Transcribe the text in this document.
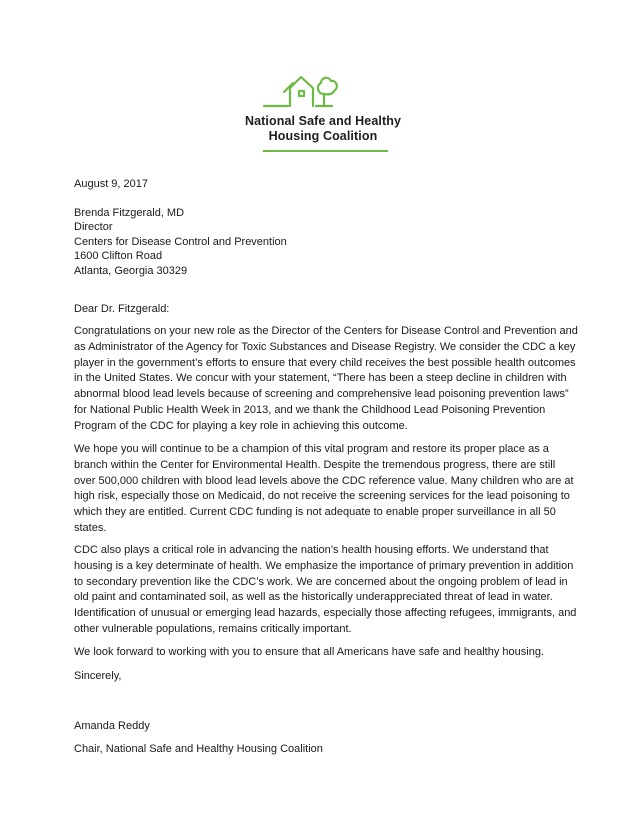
National Safe and Healthy
Housing Coalition
August 9, 2017
Brenda Fitzgerald, MD
Director
Centers for Disease Control and Prevention
1600 Clifton Road
Atlanta, Georgia 30329
Dear Dr. Fitzgerald:

Congratulations on your new role as the Director of the Centers for Disease Control and Prevention and
as Administrator of the Agency for Toxic Substances and Disease Registry. We consider the CDC a key
player in the government’s efforts to ensure that every child receives the best possible health outcomes
in the United States. We concur with your statement, “There has been a steep decline in children with
abnormal blood lead levels because of screening and comprehensive lead poisoning prevention laws”
for National Public Health Week in 2013, and we thank the Childhood Lead Poisoning Prevention
Program of the CDC for playing a key role in achieving this outcome.

We hope you will continue to be a champion of this vital program and restore its proper place as a
branch within the Center for Environmental Health. Despite the tremendous progress, there are still
over 500,000 children with blood lead levels above the CDC reference value. Many children who are at
high risk, especially those on Medicaid, do not receive the screening services for the lead poisoning to
which they are entitled. Current CDC funding is not adequate to enable proper surveillance in all 50
states.

CDC also plays a critical role in advancing the nation’s health housing efforts. We understand that
housing is a key determinate of health. We emphasize the importance of primary prevention in addition
to secondary prevention like the CDC’s work. We are concerned about the ongoing problem of lead in
old paint and contaminated soil, as well as the historically underappreciated threat of lead in water.
Identification of unusual or emerging lead hazards, especially those affecting refugees, immigrants, and
other vulnerable populations, remains critically important.

We look forward to working with you to ensure that all Americans have safe and healthy housing.

Sincerely,
Amanda Reddy
Chair, National Safe and Healthy Housing Coalition
